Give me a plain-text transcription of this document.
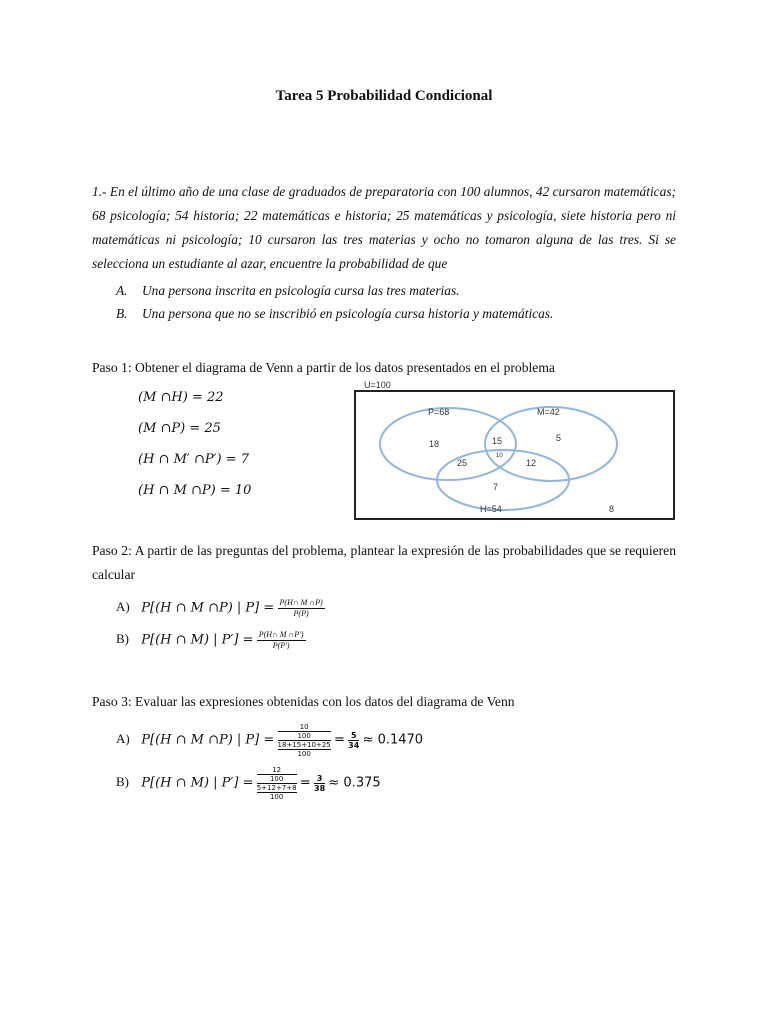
Tarea 5 Probabilidad Condicional
1.- En el último año de una clase de graduados de preparatoria con 100 alumnos, 42 cursaron matemáticas; 68 psicología; 54 historia; 22 matemáticas e historia; 25 matemáticas y psicología, siete historia pero ni matemáticas ni psicología; 10 cursaron las tres materias y ocho no tomaron alguna de las tres. Si se selecciona un estudiante al azar, encuentre la probabilidad de que
A. Una persona inscrita en psicología cursa las tres materias.
B. Una persona que no se inscribió en psicología cursa historia y matemáticas.
Paso 1: Obtener el diagrama de Venn a partir de los datos presentados en el problema
(M ∩H) = 22
(M ∩P) = 25
(H ∩ M′ ∩P′) = 7
(H ∩ M ∩P) = 10
U=100
P=68	M=42
H=54
18	15	5
10
25	12
7
8
Paso 2: A partir de las preguntas del problema, plantear la expresión de las probabilidades que se requieren calcular
A) P[(H ∩ M ∩P) | $P] = \frac{P(H\cap M \cap P)}{P(P)}$
B) P[(H ∩ M) | $P'] = \frac{P(H\cap M \cap P')}{P(P')}$
Paso 3: Evaluar las expresiones obtenidas con los datos del diagrama de Venn
A) P[(H ∩ M ∩P) | P] = 10
100
18+15+10+25
$100 = \frac{5}{34} \approx 0.1470$
B) P[(H ∩ M) | P′] = 12
100
5+12+7+8
$100 = \frac{3}{38} \approx 0.375$
